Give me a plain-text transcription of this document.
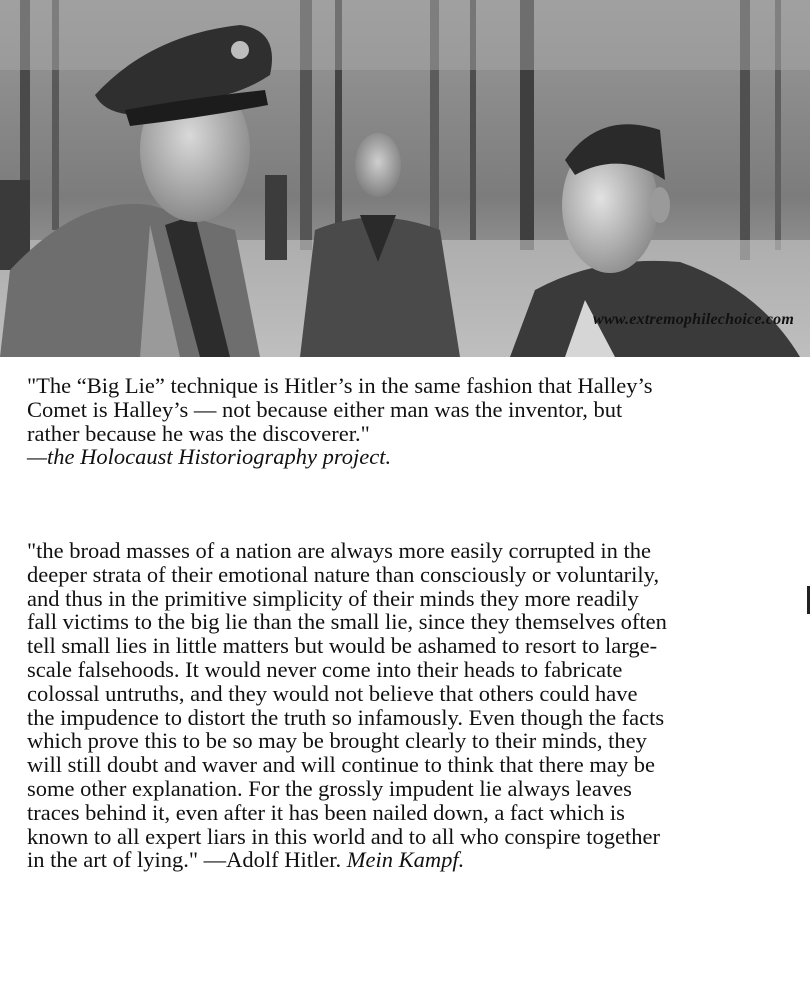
www.extremophilechoice.com
"The “Big Lie” technique is Hitler’s in the same fashion that Halley’s
Comet is Halley’s — not because either man was the inventor, but
rather because he was the discoverer."
—the Holocaust Historiography project.
"the broad masses of a nation are always more easily corrupted in the
deeper strata of their emotional nature than consciously or voluntarily,
and thus in the primitive simplicity of their minds they more readily
fall victims to the big lie than the small lie, since they themselves often
tell small lies in little matters but would be ashamed to resort to large-
scale falsehoods. It would never come into their heads to fabricate
colossal untruths, and they would not believe that others could have
the impudence to distort the truth so infamously. Even though the facts
which prove this to be so may be brought clearly to their minds, they
will still doubt and waver and will continue to think that there may be
some other explanation. For the grossly impudent lie always leaves
traces behind it, even after it has been nailed down, a fact which is
known to all expert liars in this world and to all who conspire together
in the art of lying." —Adolf Hitler. Mein Kampf.
